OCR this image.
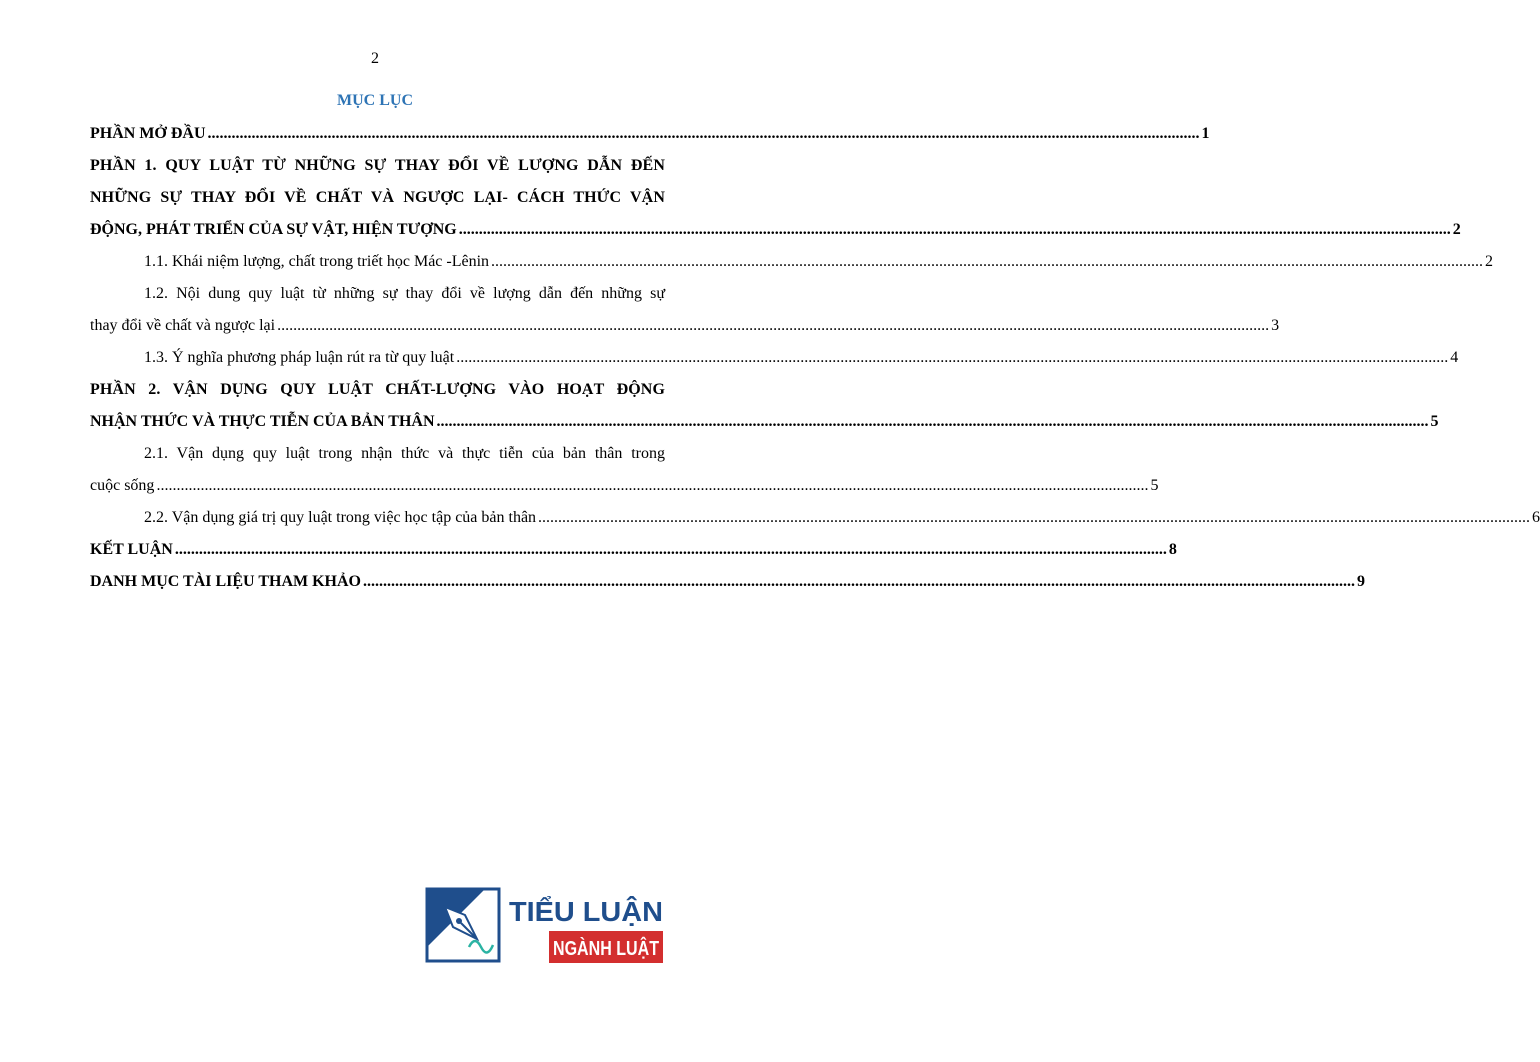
2
MỤC LỤC
PHẦN MỞ ĐẦU .....	1
PHẦN 1. QUY LUẬT TỪ NHỮNG SỰ THAY ĐỔI VỀ LƯỢNG DẪN ĐẾN
NHỮNG SỰ THAY ĐỔI VỀ CHẤT VÀ NGƯỢC LẠI- CÁCH THỨC VẬN
ĐỘNG, PHÁT TRIỂN CỦA SỰ VẬT, HIỆN TƯỢNG .....	2
1.1. Khái niệm lượng, chất trong triết học Mác -Lênin .....	2
1.2. Nội dung quy luật từ những sự thay đổi về lượng dẫn đến những sự
thay đổi về chất và ngược lại .....	3
1.3. Ý nghĩa phương pháp luận rút ra từ quy luật .....	4
PHẦN 2. VẬN DỤNG QUY LUẬT CHẤT-LƯỢNG VÀO HOẠT ĐỘNG
NHẬN THỨC VÀ THỰC TIỄN CỦA BẢN THÂN .....	5
2.1. Vận dụng quy luật trong nhận thức và thực tiễn của bản thân trong
cuộc sống .....	5
2.2. Vận dụng giá trị quy luật trong việc học tập của bản thân .....	6
KẾT LUẬN .....	8
DANH MỤC TÀI LIỆU THAM KHẢO .....	9
TIỂU LUẬN
NGÀNH LUẬT
